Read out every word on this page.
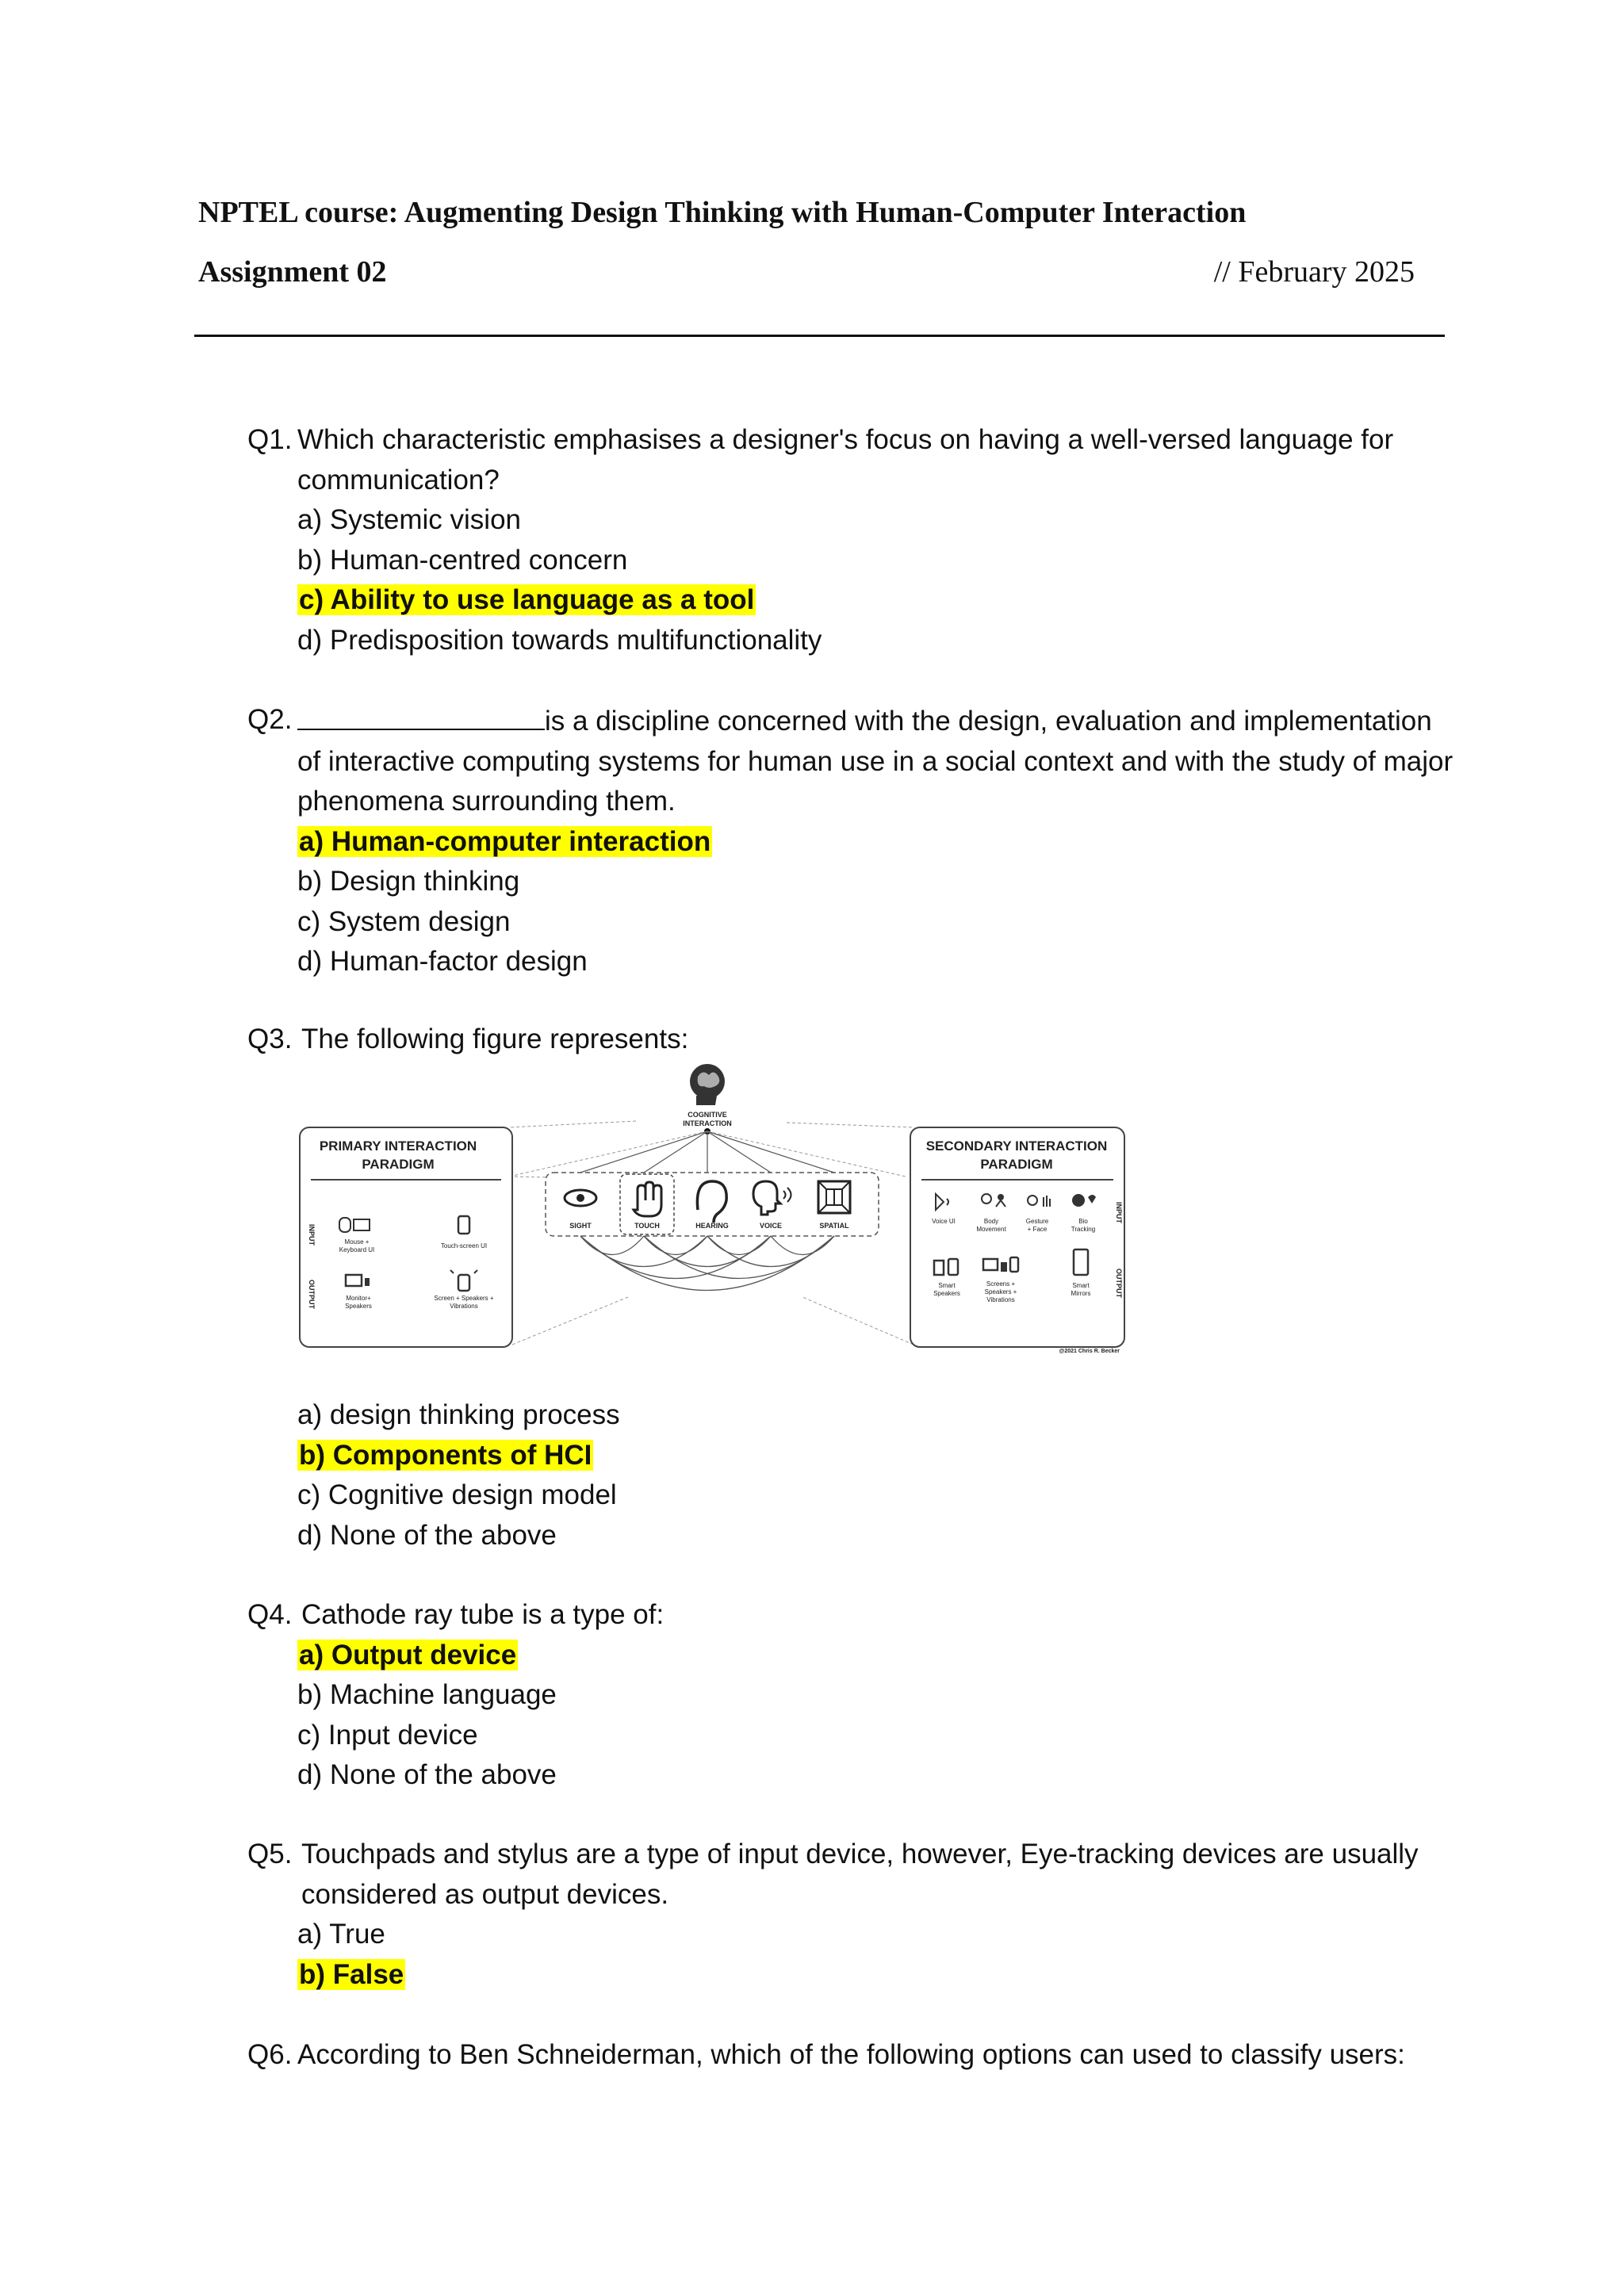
NPTEL course: Augmenting Design Thinking with Human-Computer Interaction
Assignment 02	// February 2025
Q1. Which characteristic emphasises a designer's focus on having a well-versed language for communication?
a) Systemic vision
b) Human-centred concern
c) Ability to use language as a tool
d) Predisposition towards multifunctionality
Q2.	is a discipline concerned with the design, evaluation and implementation of interactive computing systems for human use in a social context and with the study of major phenomena surrounding them.
a) Human-computer interaction
b) Design thinking
c) System design
d) Human-factor design
Q3. The following figure represents:
COGNITIVE
INTERACTION
PRIMARY INTERACTION
PARADIGM
INPUT
OUTPUT
Mouse +
Keyboard UI
Touch-screen UI
Monitor+
Speakers
Screen + Speakers +
Vibrations
SIGHT	TOUCH	HEARING	VOICE	SPATIAL
SECONDARY INTERACTION
PARADIGM
INPUT
OUTPUT
Voice UI	Body
Movement
Gesture
+ Face
Bio
Tracking
Smart
Speakers
Screens +
Speakers +
Vibrations
Smart
Mirrors
@2021 Chris R. Becker
a) design thinking process
b) Components of HCI
c) Cognitive design model
d) None of the above
Q4. Cathode ray tube is a type of:
a) Output device
b) Machine language
c) Input device
d) None of the above
Q5. Touchpads and stylus are a type of input device, however, Eye-tracking devices are usually considered as output devices.
a) True
b) False
Q6. According to Ben Schneiderman, which of the following options can used to classify users:
